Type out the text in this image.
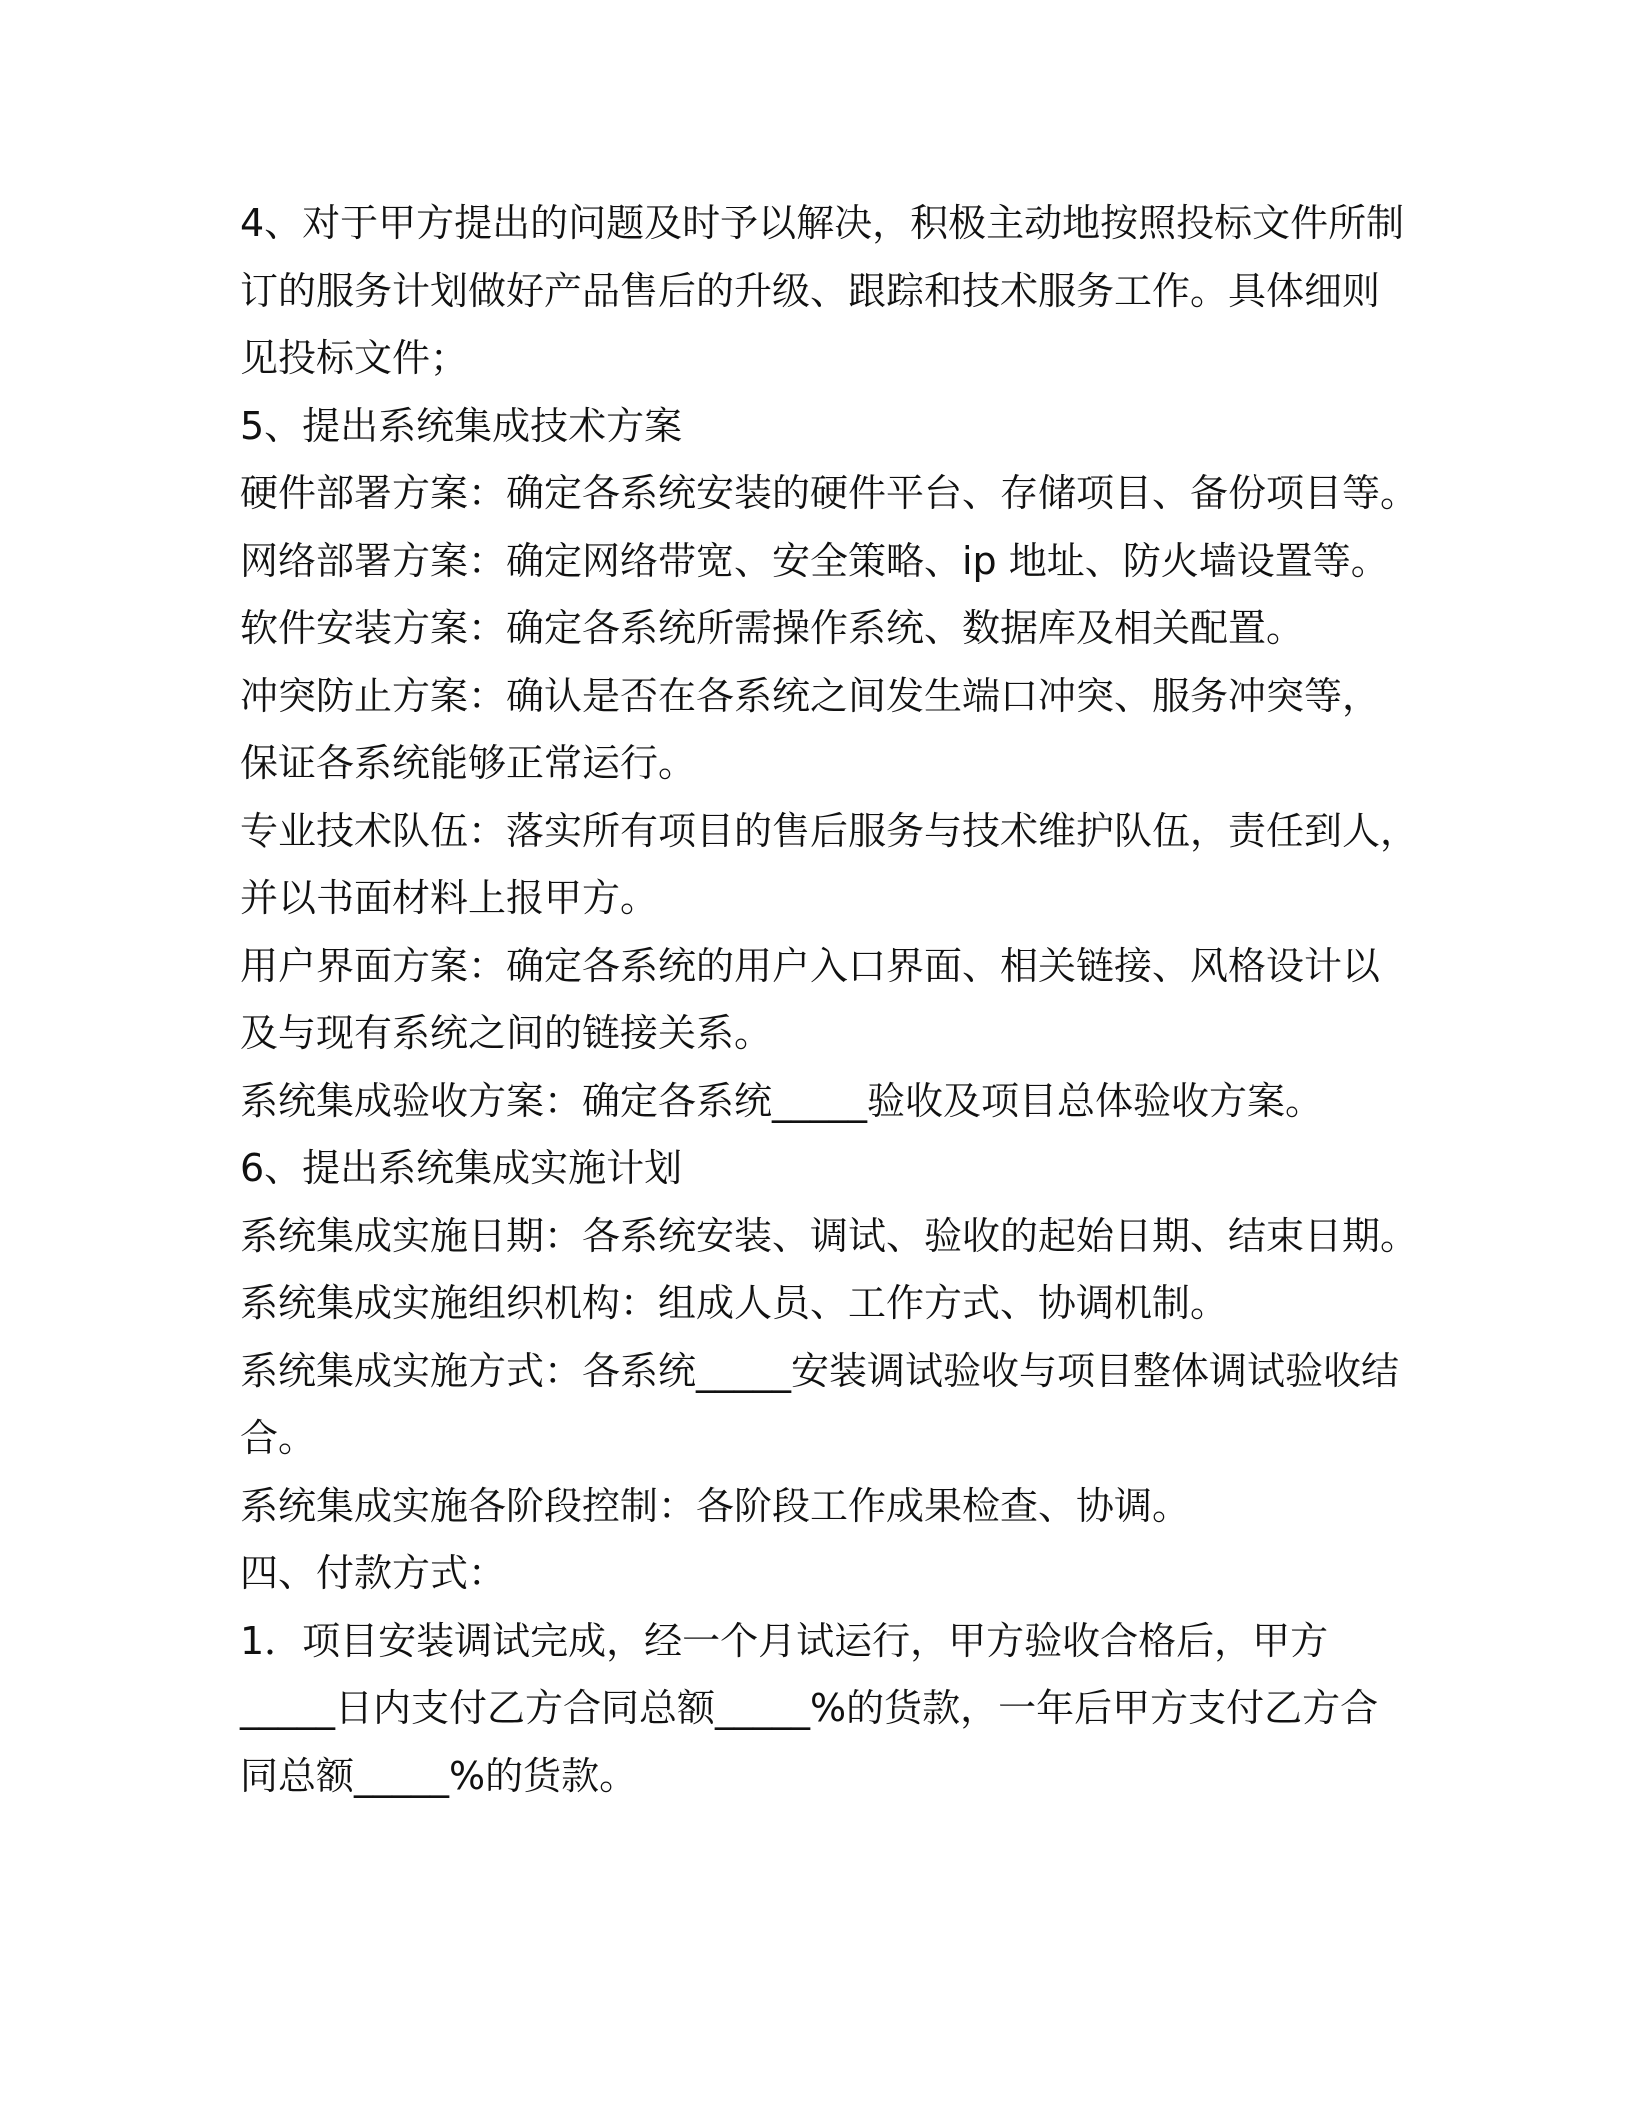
4、对于甲方提出的问题及时予以解决，积极主动地按照投标文件所制
订的服务计划做好产品售后的升级、跟踪和技术服务工作。具体细则
见投标文件；
5、提出系统集成技术方案
硬件部署方案：确定各系统安装的硬件平台、存储项目、备份项目等。
网络部署方案：确定网络带宽、安全策略、ip 地址、防火墙设置等。
软件安装方案：确定各系统所需操作系统、数据库及相关配置。
冲突防止方案：确认是否在各系统之间发生端口冲突、服务冲突等，
保证各系统能够正常运行。
专业技术队伍：落实所有项目的售后服务与技术维护队伍，责任到人，
并以书面材料上报甲方。
用户界面方案：确定各系统的用户入口界面、相关链接、风格设计以
及与现有系统之间的链接关系。
系统集成验收方案：确定各系统_____验收及项目总体验收方案。
6、提出系统集成实施计划
系统集成实施日期：各系统安装、调试、验收的起始日期、结束日期。
系统集成实施组织机构：组成人员、工作方式、协调机制。
系统集成实施方式：各系统_____安装调试验收与项目整体调试验收结
合。
系统集成实施各阶段控制：各阶段工作成果检查、协调。
四、付款方式：
1．项目安装调试完成，经一个月试运行，甲方验收合格后，甲方
_____日内支付乙方合同总额_____%的货款，一年后甲方支付乙方合
同总额_____%的货款。
